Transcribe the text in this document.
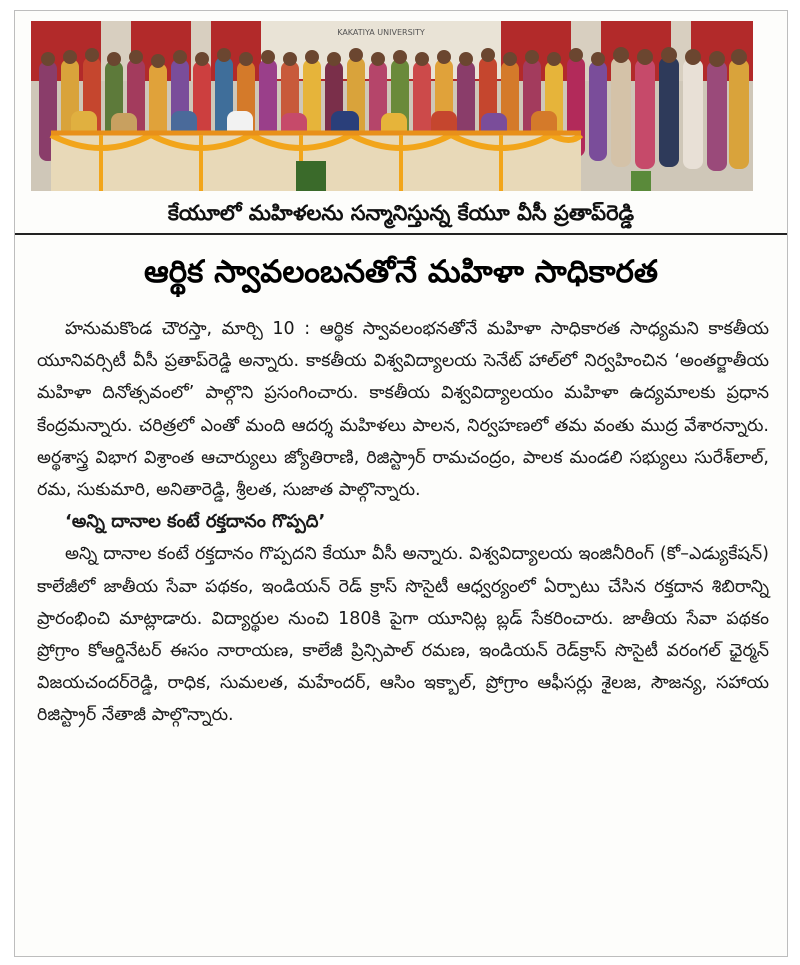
KAKATIYA UNIVERSITY
కేయూలో మహిళలను సన్మానిస్తున్న కేయూ వీసీ ప్రతాప్‌రెడ్డి
ఆర్థిక స్వావలంబనతోనే మహిళా సాధికారత

హనుమకొండ చౌరస్తా, మార్చి 10 : ఆర్థిక స్వావలంభనతోనే మహిళా సాధికారత సాధ్యమని కాకతీయ యూనివర్సిటీ వీసీ ప్రతాప్‌రెడ్డి అన్నారు. కాకతీయ విశ్వవిద్యాలయ సెనేట్ హాల్‌లో నిర్వహించిన ‘అంతర్జాతీయ మహిళా దినోత్సవంలో’ పాల్గొని ప్రసంగించారు. కాకతీయ విశ్వవిద్యాలయం మహిళా ఉద్యమాలకు ప్రధాన కేంద్రమన్నారు. చరిత్రలో ఎంతో మంది ఆదర్శ మహిళలు పాలన, నిర్వహణలో తమ వంతు ముద్ర వేశారన్నారు. అర్థశాస్త్ర విభాగ విశ్రాంత ఆచార్యులు జ్యోతిరాణి, రిజిస్ట్రార్ రామచంద్రం, పాలక మండలి సభ్యులు సురేశ్‌లాల్, రమ, సుకుమారి, అనితారెడ్డి, శ్రీలత, సుజాత పాల్గొన్నారు.

‘అన్ని దానాల కంటే రక్తదానం గొప్పది’

అన్ని దానాల కంటే రక్తదానం గొప్పదని కేయూ వీసీ అన్నారు. విశ్వవిద్యాలయ ఇంజినీరింగ్ (కో–ఎడ్యుకేషన్) కాలేజీలో జాతీయ సేవా పథకం, ఇండియన్ రెడ్ క్రాస్ సొసైటీ ఆధ్వర్యంలో ఏర్పాటు చేసిన రక్తదాన శిబిరాన్ని ప్రారంభించి మాట్లాడారు. విద్యార్థుల నుంచి 180కి పైగా యూనిట్ల బ్లడ్ సేకరించారు. జాతీయ సేవా పథకం ప్రోగ్రాం కోఆర్డినేటర్ ఈసం నారాయణ, కాలేజీ ప్రిన్సిపాల్ రమణ, ఇండియన్ రెడ్‌క్రాస్ సొసైటీ వరంగల్ ఛైర్మన్ విజయచందర్‌రెడ్డి, రాధిక, సుమలత, మహేందర్, ఆసిం ఇక్బాల్, ప్రోగ్రాం ఆఫీసర్లు శైలజ, సౌజన్య, సహాయ రిజిస్ట్రార్ నేతాజీ పాల్గొన్నారు.
